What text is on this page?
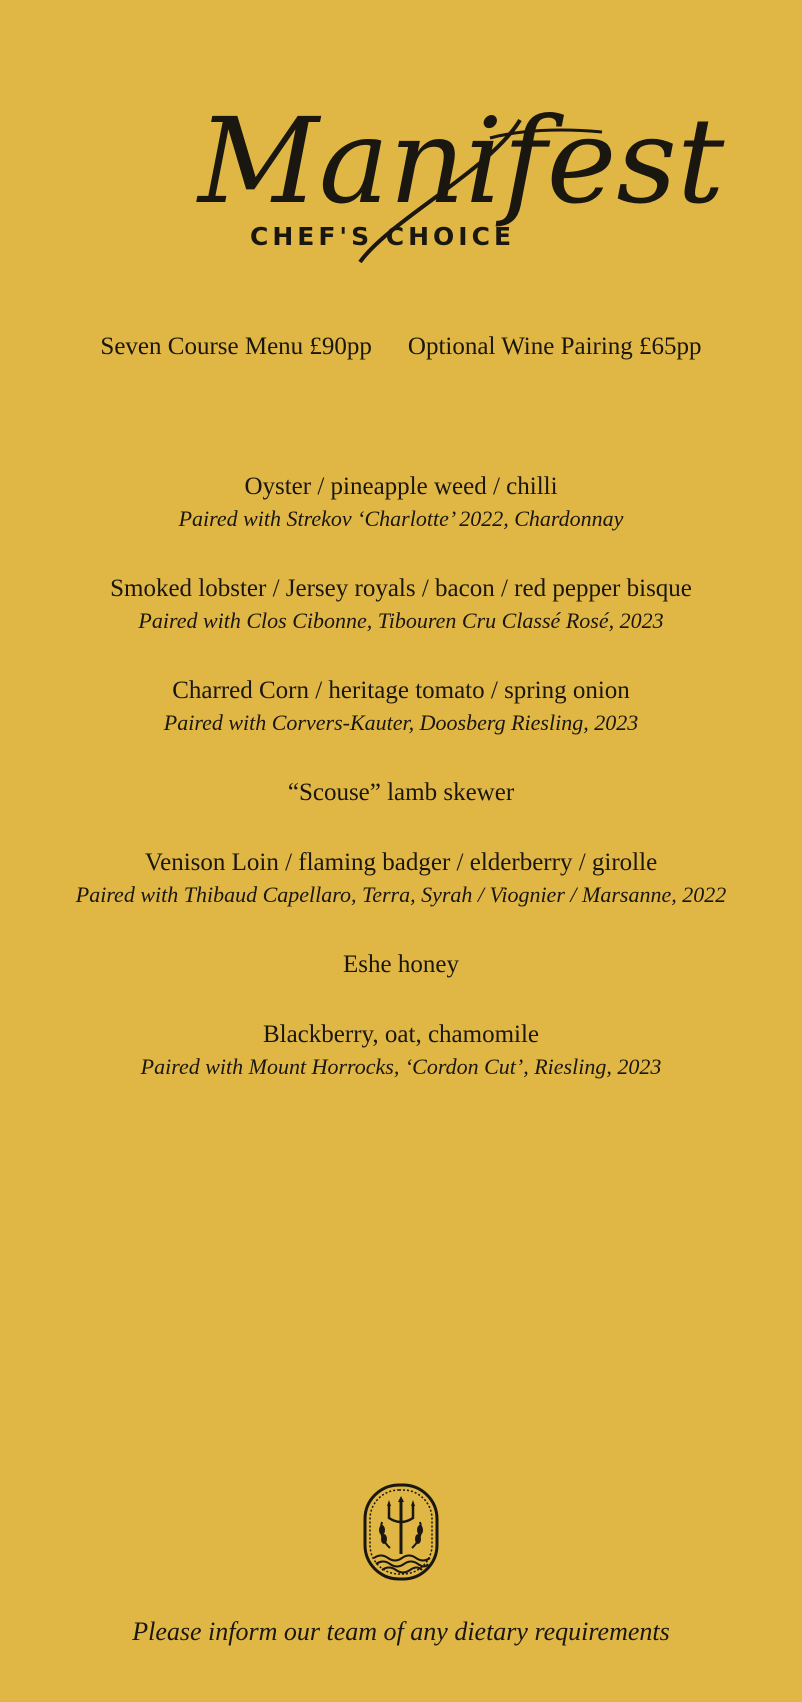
Manifest
CHEF'S CHOICE
Seven Course Menu £90pp Optional Wine Pairing £65pp

Oyster / pineapple weed / chilli

Paired with Strekov ‘Charlotte’ 2022, Chardonnay

Smoked lobster / Jersey royals / bacon / red pepper bisque

Paired with Clos Cibonne, Tibouren Cru Classé Rosé, 2023

Charred Corn / heritage tomato / spring onion

Paired with Corvers-Kauter, Doosberg Riesling, 2023

“Scouse” lamb skewer

Venison Loin / flaming badger / elderberry / girolle

Paired with Thibaud Capellaro, Terra, Syrah / Viognier / Marsanne, 2022

Eshe honey

Blackberry, oat, chamomile

Paired with Mount Horrocks, ‘Cordon Cut’, Riesling, 2023

Please inform our team of any dietary requirements
